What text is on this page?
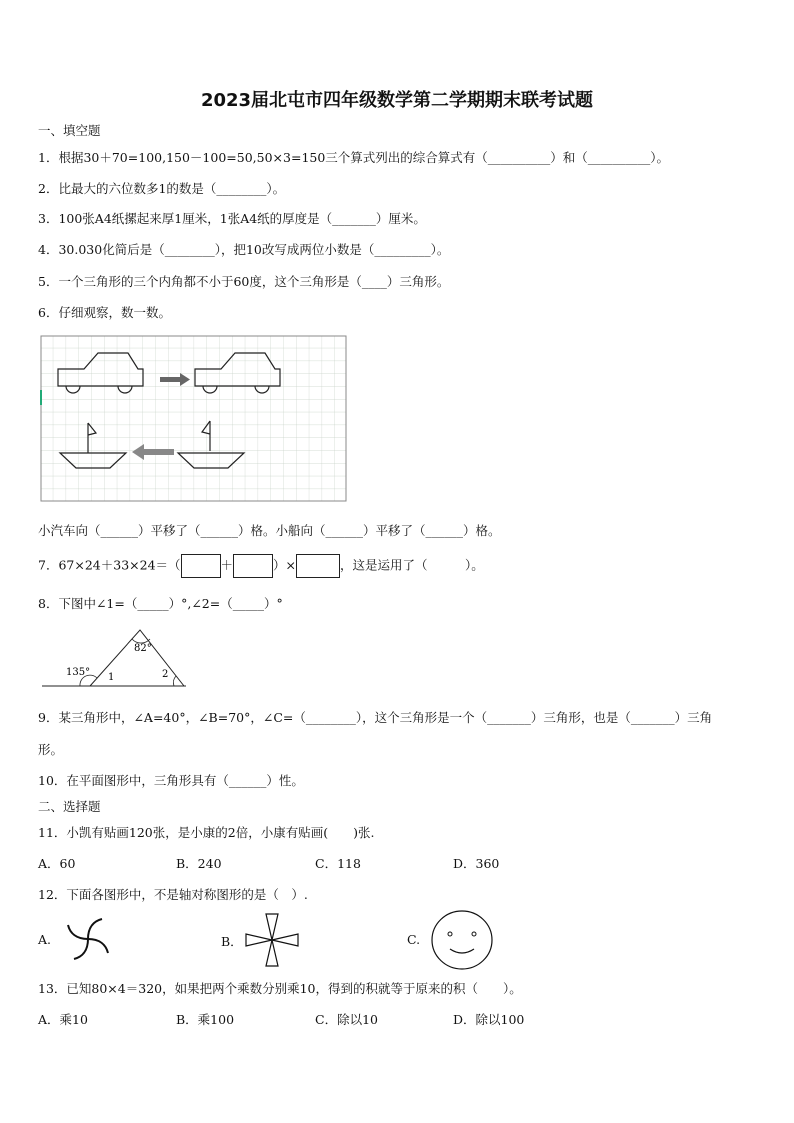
2023届北屯市四年级数学第二学期期末联考试题
一、填空题
1．根据30＋70=100,150－100=50,50×3=150三个算式列出的综合算式有（__________）和（__________）。
2．比最大的六位数多1的数是（________）。
3．100张A4纸摞起来厚1厘米，1张A4纸的厚度是（_______）厘米。
4．30.030化简后是（________），把10改写成两位小数是（_________）。
5．一个三角形的三个内角都不小于60度，这个三角形是（____）三角形。
6．仔细观察，数一数。
小汽车向（______）平移了（______）格。小船向（______）平移了（______）格。
7．67×24＋33×24＝（	＋	）×	，这是运用了（　　　）。
8．下图中∠1=（_____）°,∠2=（_____）°
82°
135° 1	2
9．某三角形中，∠A=40°，∠B=70°，∠C=（________），这个三角形是一个（_______）三角形，也是（_______）三角
形。
10．在平面图形中，三角形具有（______）性。
二、选择题
11．小凯有贴画120张，是小康的2倍，小康有贴画(　　)张.
A．60	B．240	C．118	D．360
12．下面各图形中，不是轴对称图形的是（　）.
A.	B．	C.
13．已知80×4＝320，如果把两个乘数分别乘10，得到的积就等于原来的积（　　）。
A．乘10	B．乘100	C．除以10	D．除以100
